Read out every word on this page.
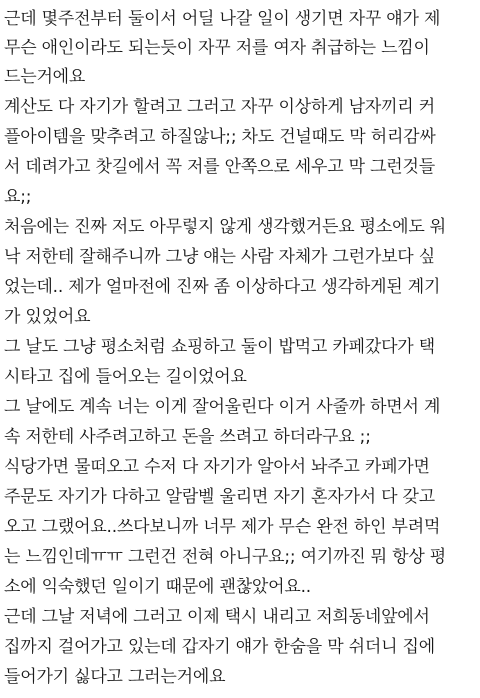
근데 몇주전부터 둘이서 어딜 나갈 일이 생기면 자꾸 얘가 제
무슨 애인이라도 되는듯이 자꾸 저를 여자 취급하는 느낌이
드는거에요
계산도 다 자기가 할려고 그러고 자꾸 이상하게 남자끼리 커
플아이템을 맞추려고 하질않나;; 차도 건널때도 막 허리감싸
서 데려가고 찻길에서 꼭 저를 안쪽으로 세우고 막 그런것들
요;;
처음에는 진짜 저도 아무렇지 않게 생각했거든요 평소에도 워
낙 저한테 잘해주니까 그냥 얘는 사람 자체가 그런가보다 싶
었는데.. 제가 얼마전에 진짜 좀 이상하다고 생각하게된 계기
가 있었어요
그 날도 그냥 평소처럼 쇼핑하고 둘이 밥먹고 카페갔다가 택
시타고 집에 들어오는 길이었어요
그 날에도 계속 너는 이게 잘어울린다 이거 사줄까 하면서 계
속 저한테 사주려고하고 돈을 쓰려고 하더라구요 ;;
식당가면 물떠오고 수저 다 자기가 알아서 놔주고 카페가면
주문도 자기가 다하고 알람벨 울리면 자기 혼자가서 다 갖고
오고 그랬어요..쓰다보니까 너무 제가 무슨 완전 하인 부려먹
는 느낌인데ㅠㅠ 그런건 전혀 아니구요;; 여기까진 뭐 항상 평
소에 익숙했던 일이기 때문에 괜찮았어요..
근데 그날 저녁에 그러고 이제 택시 내리고 저희동네앞에서
집까지 걸어가고 있는데 갑자기 얘가 한숨을 막 쉬더니 집에
들어가기 싫다고 그러는거에요
